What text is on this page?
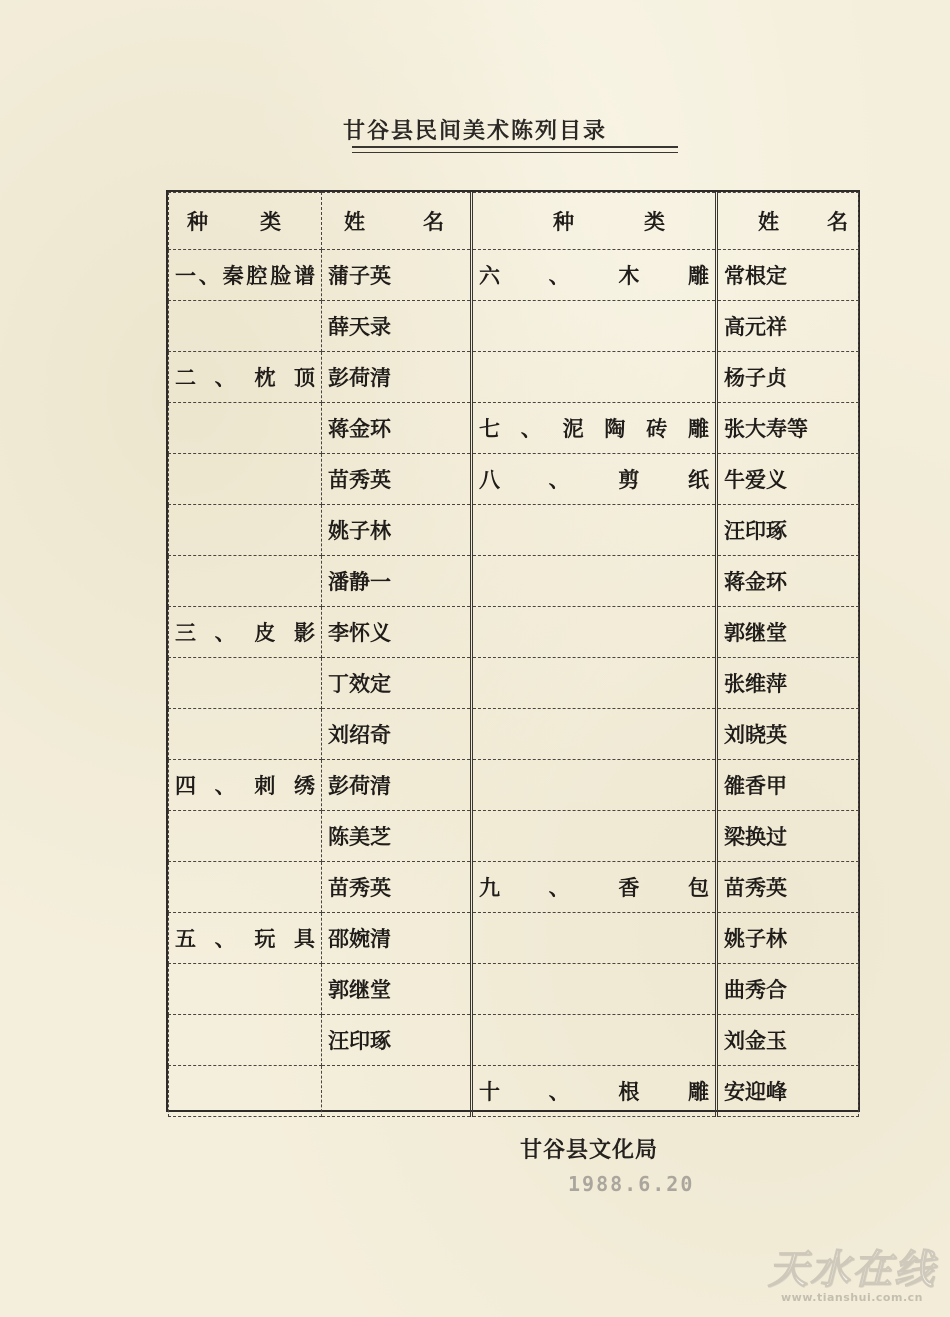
甘谷县民间美术陈列目录
种类	姓名	种类	姓名
一、秦腔脸谱	蒲子英	六、木雕	常根定
	薛天录		高元祥
二、枕顶	彭荷清		杨子贞
	蒋金环	七、泥陶砖雕	张大寿等
	苗秀英	八、剪纸	牛爱义
	姚子林		汪印琢
	潘静一		蒋金环
三、皮影	李怀义		郭继堂
	丁效定		张维萍
	刘绍奇		刘晓英
四、刺绣	彭荷清		雒香甲
	陈美芝		梁换过
	苗秀英	九、香包	苗秀英
五、玩具	邵婉清		姚子林
	郭继堂		曲秀合
	汪印琢		刘金玉
		十、根雕	安迎峰
甘谷县文化局
1988.6.20
天水在线
www.tianshui.com.cn
